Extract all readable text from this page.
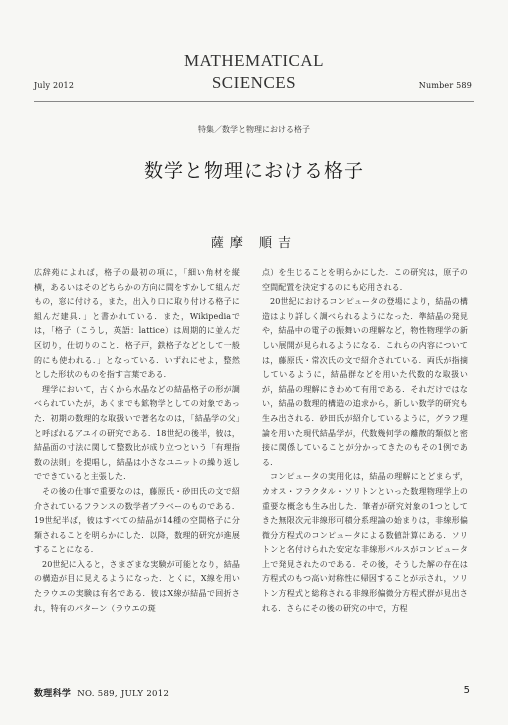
July 2012
MATHEMATICAL
SCIENCES	Number 589
特集／数学と物理における格子
数学と物理における格子
薩摩 順吉

広辞苑によれば，格子の最初の項に，「細い角材を縦横，あるいはそのどちらかの方向に間をすかして組んだもの，窓に付ける，また，出入り口に取り付ける格子に組んだ建具．」と書かれている．また，Wikipediaでは，「格子（こうし，英語：lattice）は周期的に並んだ区切り，仕切りのこと．格子戸，鉄格子などとして一般的にも使われる．」となっている．いずれにせよ，整然とした形状のものを指す言葉である．

理学において，古くから水晶などの結晶格子の形が調べられていたが，あくまでも鉱物学としての対象であった．初期の数理的な取扱いで著名なのは，「結晶学の父」と呼ばれるアユイの研究である．18世紀の後半，彼は，結晶面の寸法に関して整数比が成り立つという「有理指数の法則」を提唱し，結晶は小さなユニットの繰り返しでできていると主張した．

その後の仕事で重要なのは，藤原氏・砂田氏の文で紹介されているフランスの数学者ブラベーのものである．19世紀半ば，彼はすべての結晶が14種の空間格子に分類されることを明らかにした．以降，数理的研究が進展することになる．

20世紀に入ると，さまざまな実験が可能となり，結晶の構造が目に見えるようになった．とくに，X線を用いたラウエの実験は有名である．彼はX線が結晶で回折され，特有のパターン（ラウエの斑

点）を生じることを明らかにした．この研究は，原子の空間配置を決定するのにも応用される．

20世紀におけるコンピュータの登場により，結晶の構造はより詳しく調べられるようになった．準結晶の発見や，結晶中の電子の振舞いの理解など，物性物理学の新しい展開が見られるようになる．これらの内容については，藤原氏・常次氏の文で紹介されている．両氏が指摘しているように，結晶群などを用いた代数的な取扱いが，結晶の理解にきわめて有用である．それだけではない，結晶の数理的構造の追求から，新しい数学的研究も生み出される．砂田氏が紹介しているように，グラフ理論を用いた現代結晶学が，代数幾何学の離散的類似と密接に関係していることが分かってきたのもその1例である．

コンピュータの実用化は，結晶の理解にとどまらず，カオス・フラクタル・ソリトンといった数理物理学上の重要な概念も生み出した．筆者が研究対象の1つとしてきた無限次元非線形可積分系理論の始まりは，非線形偏微分方程式のコンピュータによる数値計算にある．ソリトンと名付けられた安定な非線形パルスがコンピュータ上で発見されたのである．その後，そうした解の存在は方程式のもつ高い対称性に帰因することが示され，ソリトン方程式と総称される非線形偏微分方程式群が見出される．さらにその後の研究の中で，方程

数理科学 NO. 589, JULY 2012	5
